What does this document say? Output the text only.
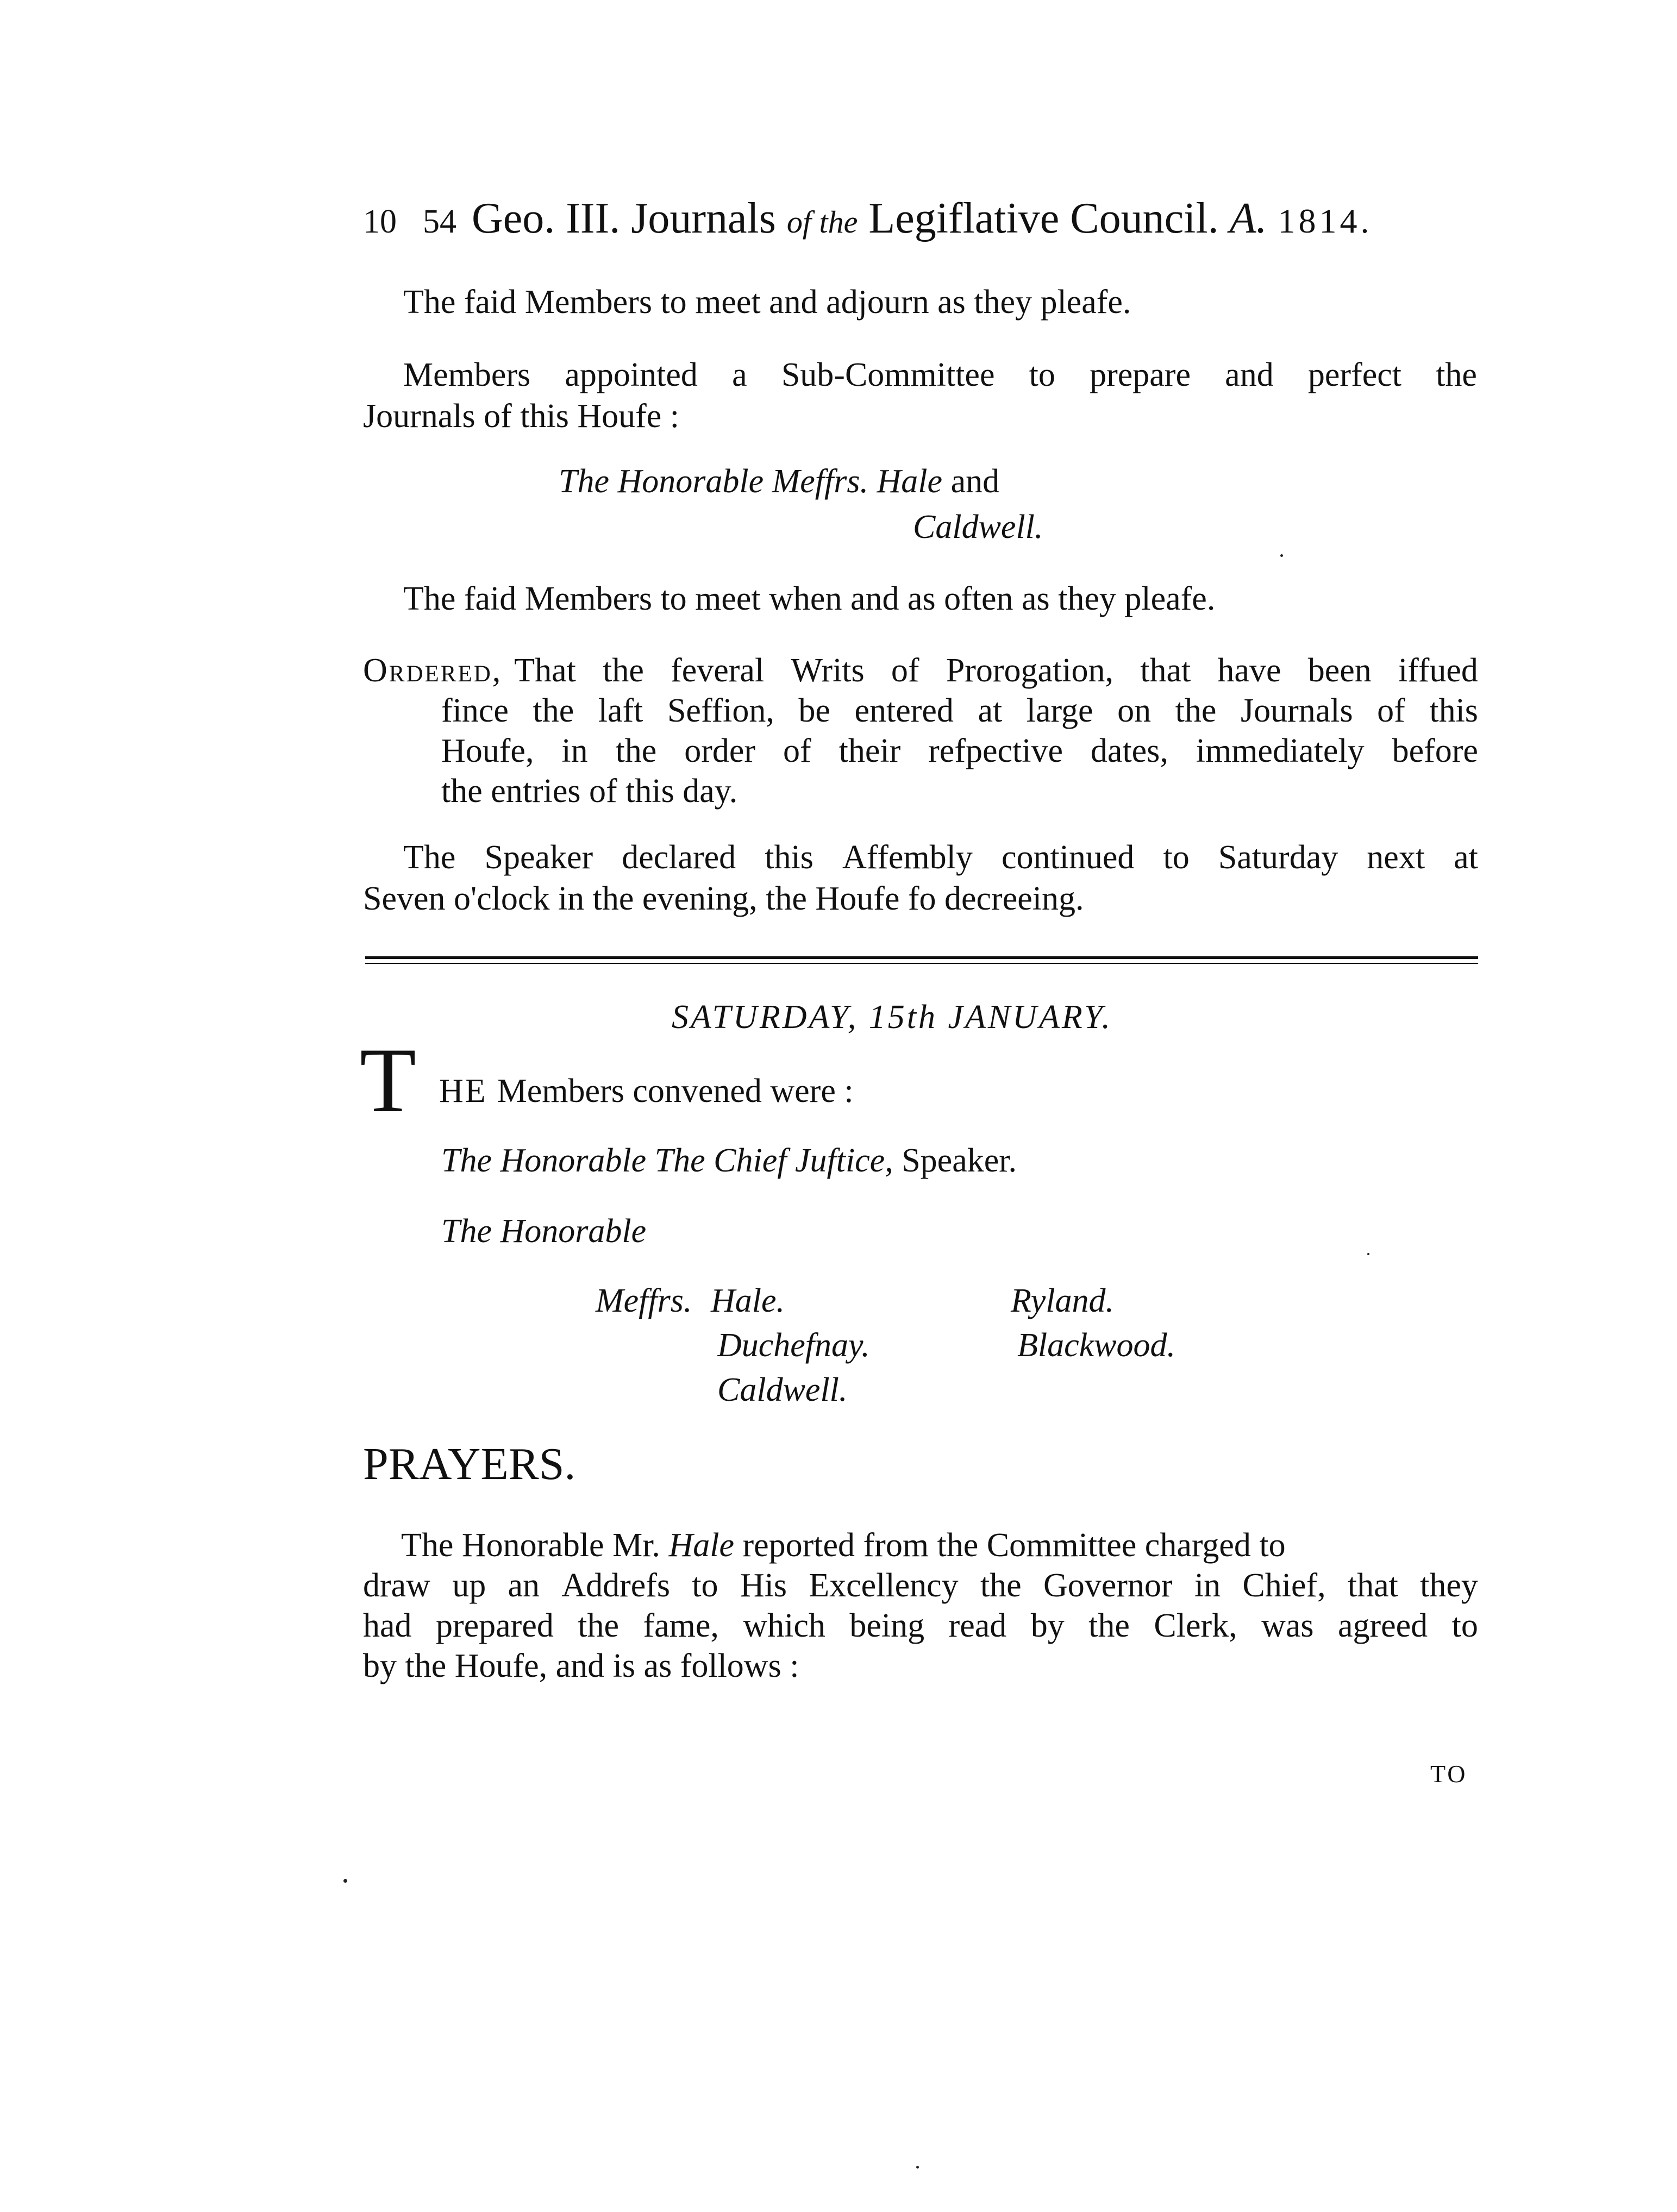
10 54 Geo. III. Journals of the Legiflative Council. A. 1814.
The faid Members to meet and adjourn as they pleafe.
Members appointed a Sub-Committee to prepare and perfect the
Journals of this Houfe :
The Honorable Meffrs. Hale and
Caldwell.
The faid Members to meet when and as often as they pleafe.
Ordered, That the feveral Writs of Prorogation, that have been iffued
fince the laft Seffion, be entered at large on the Journals of this
Houfe, in the order of their refpective dates, immediately before
the entries of this day.
The Speaker declared this Affembly continued to Saturday next at
Seven o'clock in the evening, the Houfe fo decreeing.
SATURDAY, 15th JANUARY.
T HE Members convened were :
The Honorable The Chief Juftice, Speaker.
The Honorable
Meffrs. Hale.
Duchefnay.
Caldwell.
Ryland.
Blackwood.
PRAYERS.
The Honorable Mr. Hale reported from the Committee charged to
draw up an Addrefs to His Excellency the Governor in Chief, that they
had prepared the fame, which being read by the Clerk, was agreed to
by the Houfe, and is as follows :
TO
